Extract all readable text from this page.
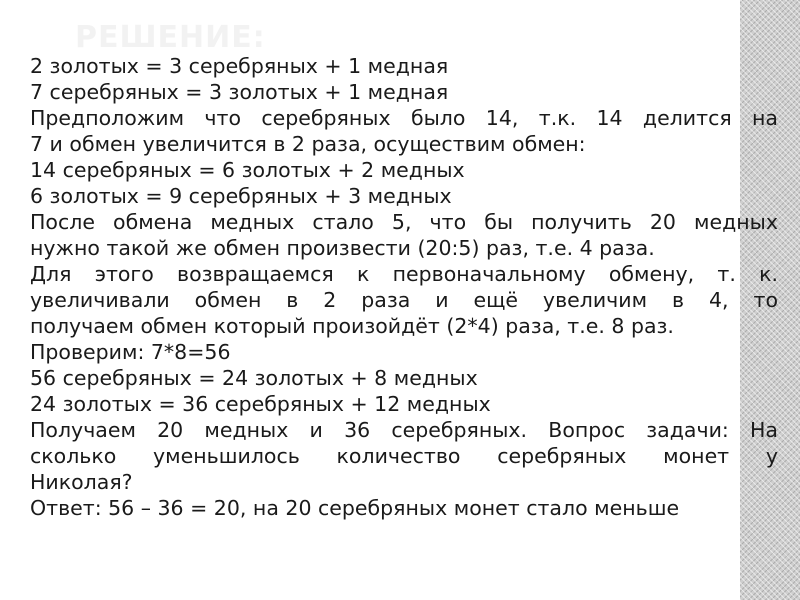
РЕШЕНИЕ:
2 золотых = 3 серебряных + 1 медная
7 серебряных = 3 золотых + 1 медная
Предположим что серебряных было 14, т.к. 14 делится на
7 и обмен увеличится в 2 раза, осуществим обмен:
14 серебряных = 6 золотых + 2 медных
6 золотых = 9 серебряных + 3 медных
После обмена медных стало 5, что бы получить 20 медных
нужно такой же обмен произвести (20:5) раз, т.е. 4 раза.
Для этого возвращаемся к первоначальному обмену, т. к.
увеличивали обмен в 2 раза и ещё увеличим в 4, то
получаем обмен который произойдёт (2*4) раза, т.е. 8 раз.
Проверим: 7*8=56
56 серебряных = 24 золотых + 8 медных
24 золотых = 36 серебряных + 12 медных
Получаем 20 медных и 36 серебряных. Вопрос задачи: На
сколько уменьшилось количество серебряных монет у
Николая?
Ответ: 56 – 36 = 20, на 20 серебряных монет стало меньше
